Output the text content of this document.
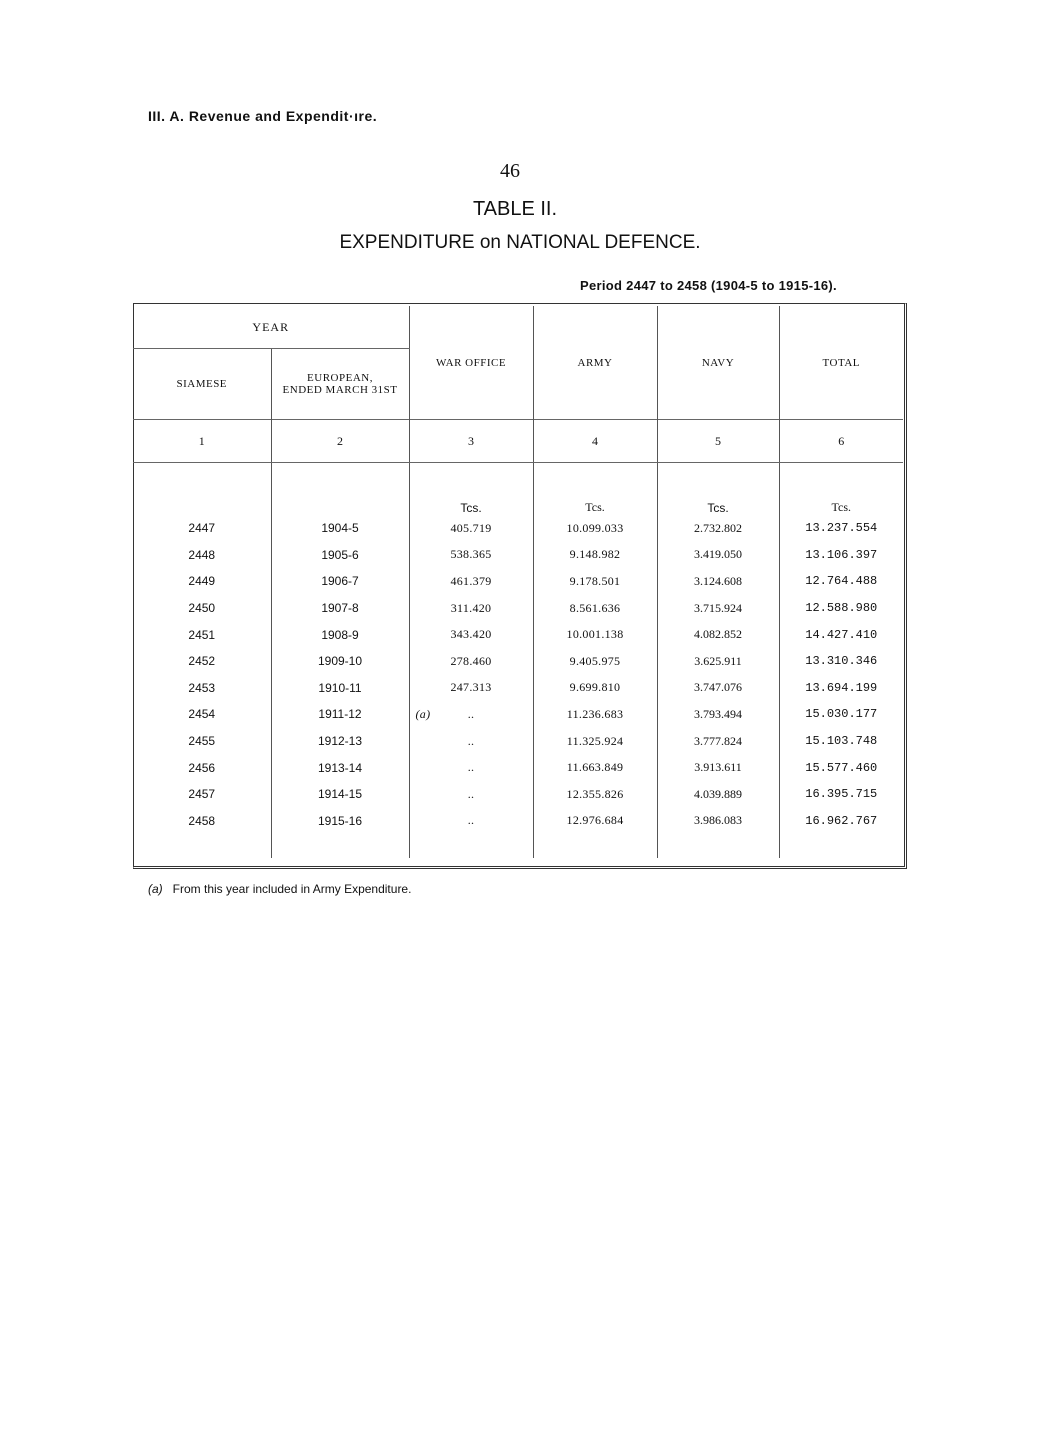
III. A. Revenue and Expendit·ıre.
46
TABLE II.
EXPENDITURE on NATIONAL DEFENCE.
Period 2447 to 2458 (1904-5 to 1915-16).
YEAR		WAR OFFICE	ARMY	NAVY	TOTAL
SIAMESE	EUROPEAN,
ENDED MARCH 31ST				

1	2	3	4	5	6
		Tcs.	Tcs.	Tcs.	Tcs.
2447	1904-5	405.719	10.099.033	2.732.802	13.237.554
2448	1905-6	538.365	9.148.982	3.419.050	13.106.397
2449	1906-7	461.379	9.178.501	3.124.608	12.764.488
2450	1907-8	311.420	8.561.636	3.715.924	12.588.980
2451	1908-9	343.420	10.001.138	4.082.852	14.427.410
2452	1909-10	278.460	9.405.975	3.625.911	13.310.346
2453	1910-11	247.313	9.699.810	3.747.076	13.694.199
2454	1911-12	(a) ..	11.236.683	3.793.494	15.030.177
2455	1912-13	..	11.325.924	3.777.824	15.103.748
2456	1913-14	..	11.663.849	3.913.611	15.577.460
2457	1914-15	..	12.355.826	4.039.889	16.395.715
2458	1915-16	..	12.976.684	3.986.083	16.962.767

(a) From this year included in Army Expenditure.
